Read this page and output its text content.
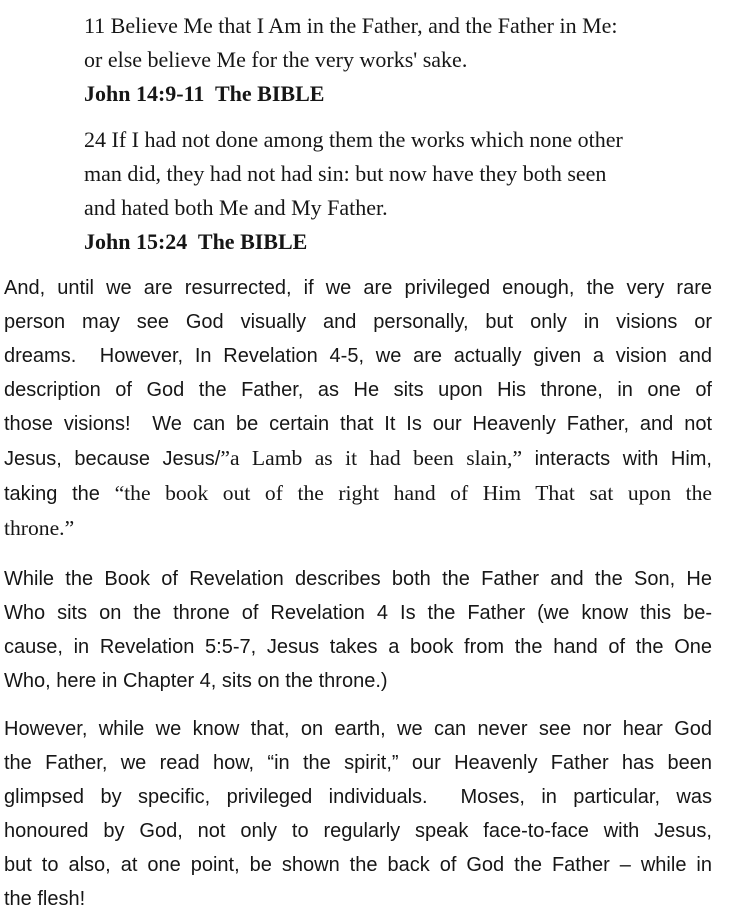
11 Believe Me that I Am in the Father, and the Father in Me:
or else believe Me for the very works' sake.
John 14:9-11  The BIBLE
24 If I had not done among them the works which none other
man did, they had not had sin: but now have they both seen
and hated both Me and My Father.
John 15:24  The BIBLE
And, until we are resurrected, if we are privileged enough, the very rare
person may see God visually and personally, but only in visions or
dreams.  However, In Revelation 4-5, we are actually given a vision and
description of God the Father, as He sits upon His throne, in one of
those visions!  We can be certain that It Is our Heavenly Father, and not
Jesus, because Jesus/”a Lamb as it had been slain,” interacts with Him,
taking the “the book out of the right hand of Him That sat upon the
throne.”
While the Book of Revelation describes both the Father and the Son, He
Who sits on the throne of Revelation 4 Is the Father (we know this be-
cause, in Revelation 5:5-7, Jesus takes a book from the hand of the One
Who, here in Chapter 4, sits on the throne.)
However, while we know that, on earth, we can never see nor hear God
the Father, we read how, “in the spirit,” our Heavenly Father has been
glimpsed by specific, privileged individuals.  Moses, in particular, was
honoured by God, not only to regularly speak face-to-face with Jesus,
but to also, at one point, be shown the back of God the Father – while in
the flesh!
